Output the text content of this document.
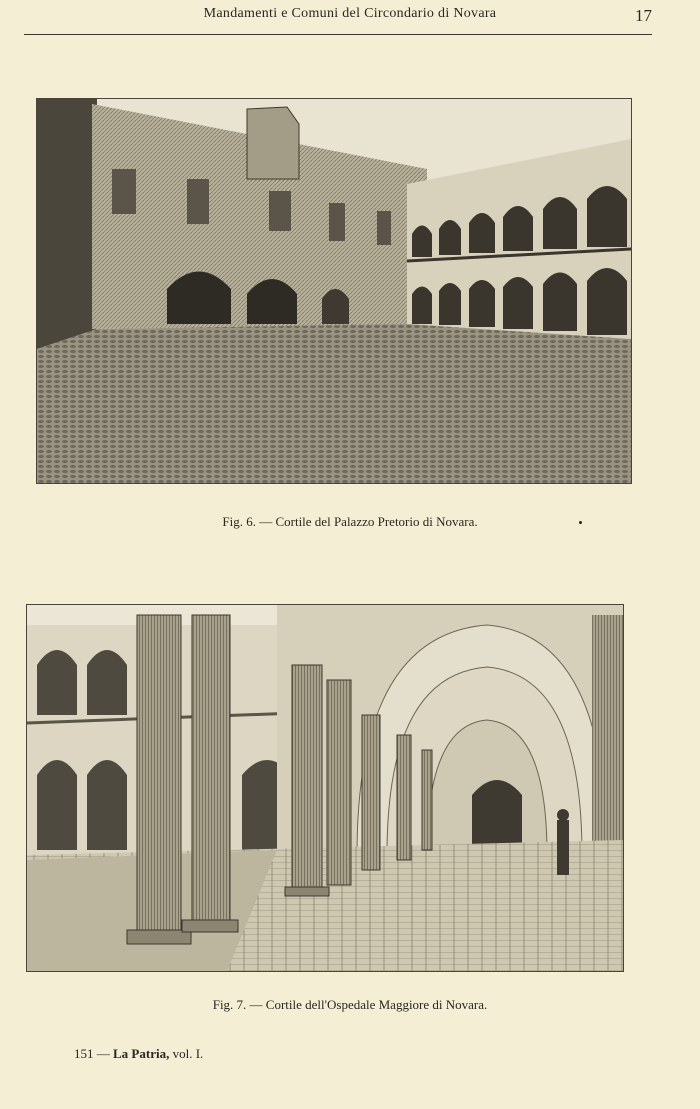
Mandamenti e Comuni del Circondario di Novara	17
Fig. 6. — Cortile del Palazzo Pretorio di Novara.
Fig. 7. — Cortile dell'Ospedale Maggiore di Novara.
151 — La Patria, vol. I.
